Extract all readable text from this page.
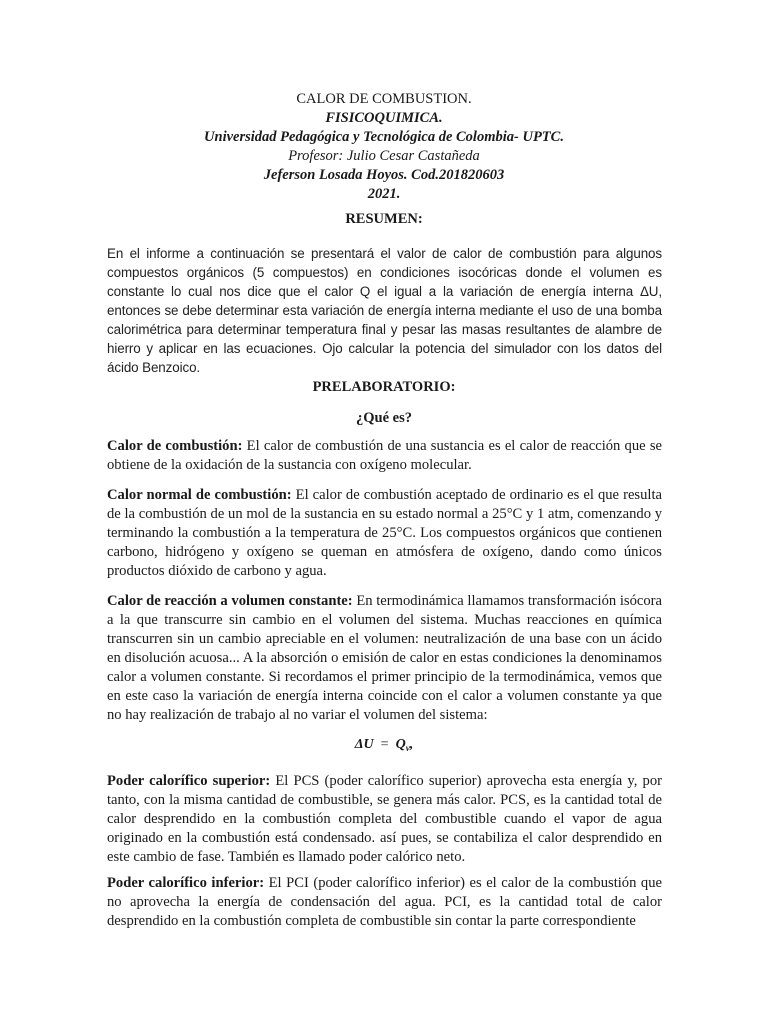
CALOR DE COMBUSTION.
FISICOQUIMICA.
Universidad Pedagógica y Tecnológica de Colombia- UPTC.
Profesor: Julio Cesar Castañeda
Jeferson Losada Hoyos. Cod.201820603
2021.
RESUMEN:
En el informe a continuación se presentará el valor de calor de combustión para algunos compuestos orgánicos (5 compuestos) en condiciones isocóricas donde el volumen es constante lo cual nos dice que el calor Q el igual a la variación de energía interna ΔU, entonces se debe determinar esta variación de energía interna mediante el uso de una bomba calorimétrica para determinar temperatura final y pesar las masas resultantes de alambre de hierro y aplicar en las ecuaciones. Ojo calcular la potencia del simulador con los datos del ácido Benzoico.
PRELABORATORIO:
¿Qué es?
Calor de combustión: El calor de combustión de una sustancia es el calor de reacción que se obtiene de la oxidación de la sustancia con oxígeno molecular.
Calor normal de combustión: El calor de combustión aceptado de ordinario es el que resulta de la combustión de un mol de la sustancia en su estado normal a 25°C y 1 atm, comenzando y terminando la combustión a la temperatura de 25°C. Los compuestos orgánicos que contienen carbono, hidrógeno y oxígeno se queman en atmósfera de oxígeno, dando como únicos productos dióxido de carbono y agua.
Calor de reacción a volumen constante: En termodinámica llamamos transformación isócora a la que transcurre sin cambio en el volumen del sistema. Muchas reacciones en química transcurren sin un cambio apreciable en el volumen: neutralización de una base con un ácido en disolución acuosa... A la absorción o emisión de calor en estas condiciones la denominamos calor a volumen constante. Si recordamos el primer principio de la termodinámica, vemos que en este caso la variación de energía interna coincide con el calor a volumen constante ya que no hay realización de trabajo al no variar el volumen del sistema:
$\Delta U = Q_v$,
Poder calorífico superior: El PCS (poder calorífico superior) aprovecha esta energía y, por tanto, con la misma cantidad de combustible, se genera más calor. PCS, es la cantidad total de calor desprendido en la combustión completa del combustible cuando el vapor de agua originado en la combustión está condensado. así pues, se contabiliza el calor desprendido en este cambio de fase. También es llamado poder calórico neto.
Poder calorífico inferior: El PCI (poder calorífico inferior) es el calor de la combustión que no aprovecha la energía de condensación del agua. PCI, es la cantidad total de calor desprendido en la combustión completa de combustible sin contar la parte correspondiente
